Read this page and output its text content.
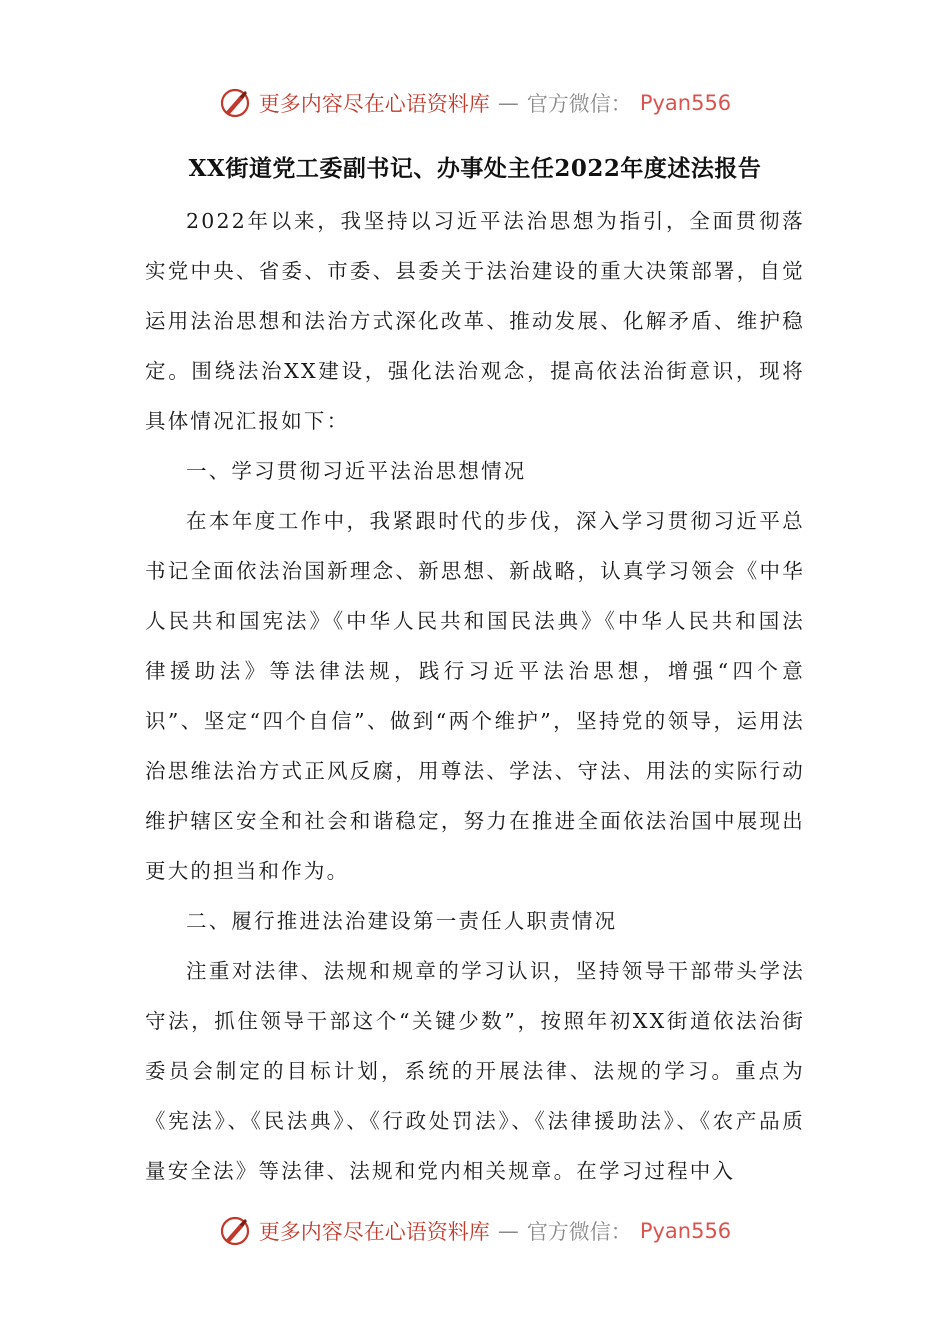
更多内容尽在心语资料库 — 官方微信： Pyan556
XX街道党工委副书记、办事处主任2022年度述法报告

2022年以来，我坚持以习近平法治思想为指引，全面贯彻落实党中央、省委、市委、县委关于法治建设的重大决策部署，自觉运用法治思想和法治方式深化改革、推动发展、化解矛盾、维护稳定。围绕法治XX建设，强化法治观念，提高依法治街意识，现将具体情况汇报如下：

一、学习贯彻习近平法治思想情况

在本年度工作中，我紧跟时代的步伐，深入学习贯彻习近平总书记全面依法治国新理念、新思想、新战略，认真学习领会《中华人民共和国宪法》《中华人民共和国民法典》《中华人民共和国法律援助法》等法律法规，践行习近平法治思想，增强“四个意识”、坚定“四个自信”、做到“两个维护”，坚持党的领导，运用法治思维法治方式正风反腐，用尊法、学法、守法、用法的实际行动维护辖区安全和社会和谐稳定，努力在推进全面依法治国中展现出更大的担当和作为。

二、履行推进法治建设第一责任人职责情况

注重对法律、法规和规章的学习认识，坚持领导干部带头学法守法，抓住领导干部这个“关键少数”，按照年初XX街道依法治街委员会制定的目标计划，系统的开展法律、法规的学习。重点为《宪法》、《民法典》、《行政处罚法》、《法律援助法》、《农产品质量安全法》等法律、法规和党内相关规章。在学习过程中入

更多内容尽在心语资料库 — 官方微信： Pyan556
